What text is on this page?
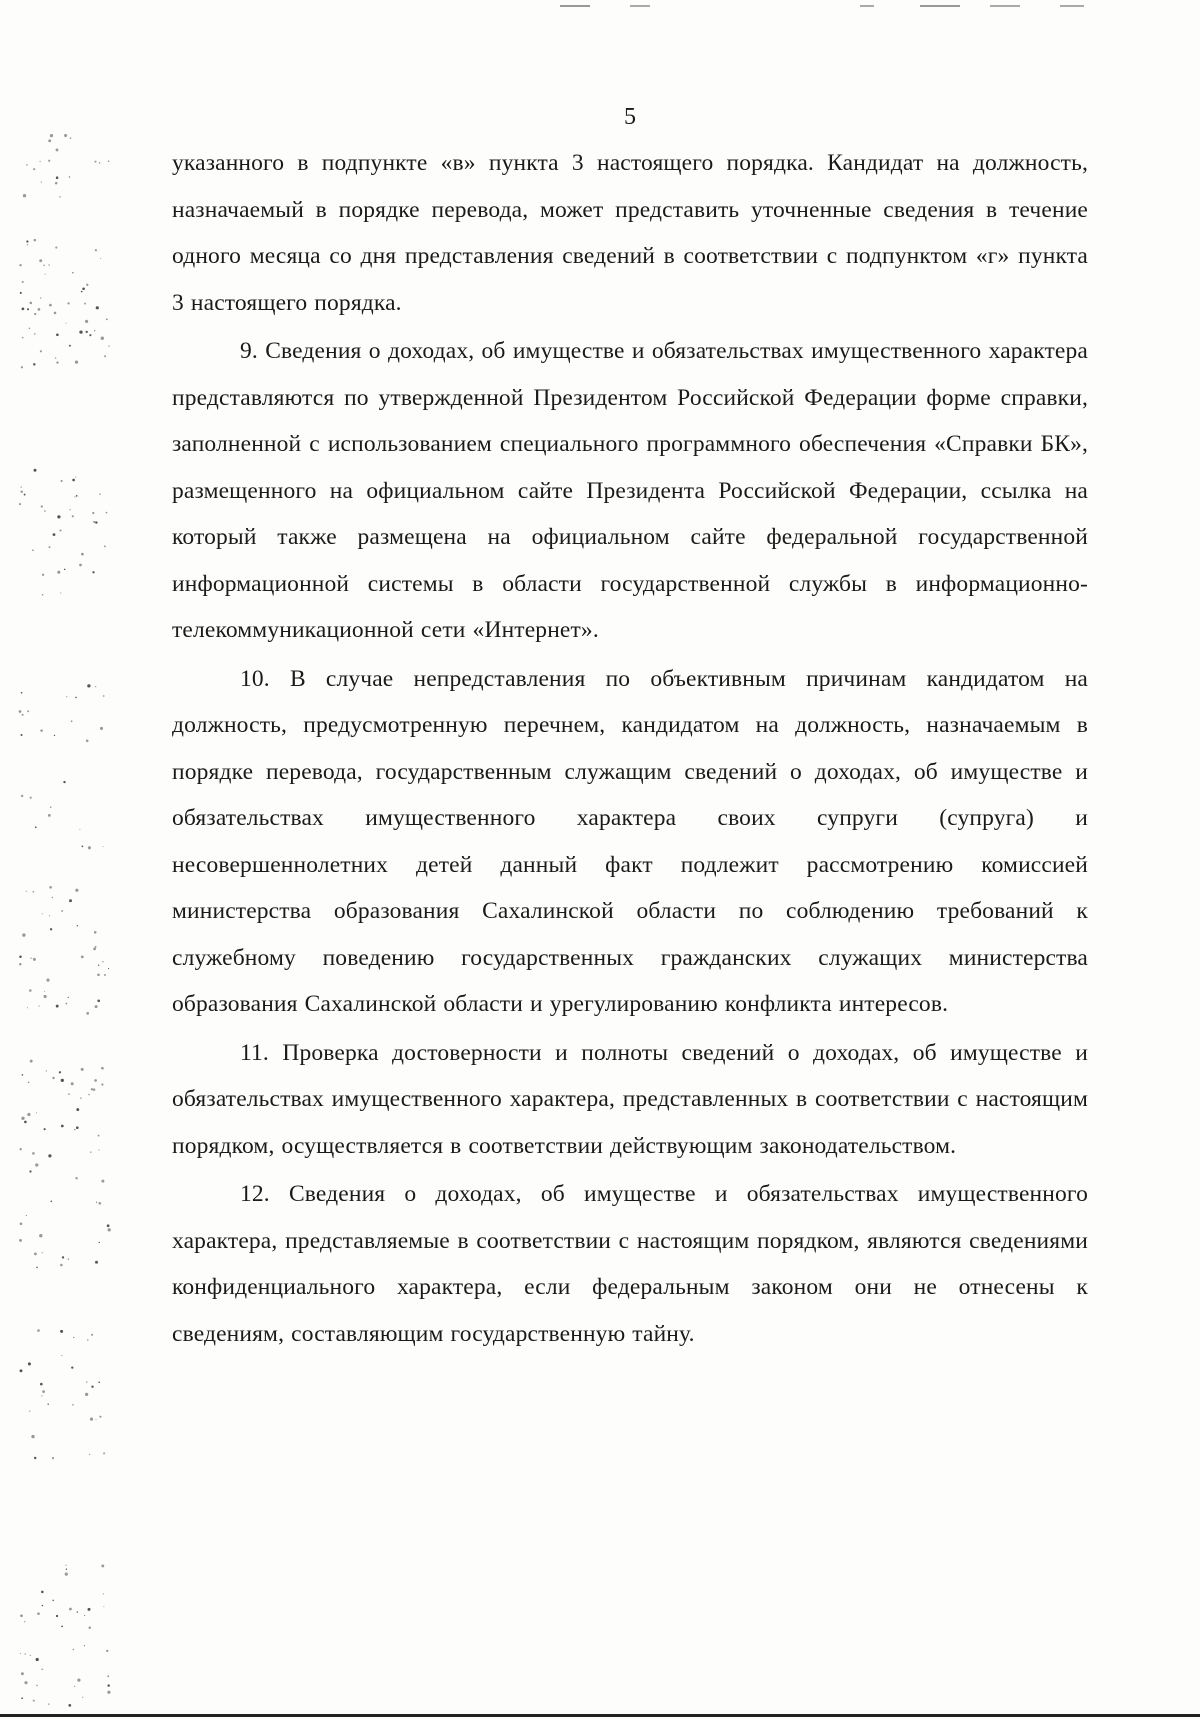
5

указанного в подпункте «в» пункта 3 настоящего порядка. Кандидат на должность, назначаемый в порядке перевода, может представить уточненные сведения в течение одного месяца со дня представления сведений в соответствии с подпунктом «г» пункта 3 настоящего порядка.

9. Сведения о доходах, об имуществе и обязательствах имущественного характера представляются по утвержденной Президентом Российской Федерации форме справки, заполненной с использованием специального программного обеспечения «Справки БК», размещенного на официальном сайте Президента Российской Федерации, ссылка на который также размещена на официальном сайте федеральной государственной информационной системы в области государственной службы в информационно-телекоммуникационной сети «Интернет».

10. В случае непредставления по объективным причинам кандидатом на должность, предусмотренную перечнем, кандидатом на должность, назначаемым в порядке перевода, государственным служащим сведений о доходах, об имуществе и обязательствах имущественного характера своих супруги (супруга) и несовершеннолетних детей данный факт подлежит рассмотрению комиссией министерства образования Сахалинской области по соблюдению требований к служебному поведению государственных гражданских служащих министерства образования Сахалинской области и урегулированию конфликта интересов.

11. Проверка достоверности и полноты сведений о доходах, об имуществе и обязательствах имущественного характера, представленных в соответствии с настоящим порядком, осуществляется в соответствии действующим законодательством.

12. Сведения о доходах, об имуществе и обязательствах имущественного характера, представляемые в соответствии с настоящим порядком, являются сведениями конфиденциального характера, если федеральным законом они не отнесены к сведениям, составляющим государственную тайну.
